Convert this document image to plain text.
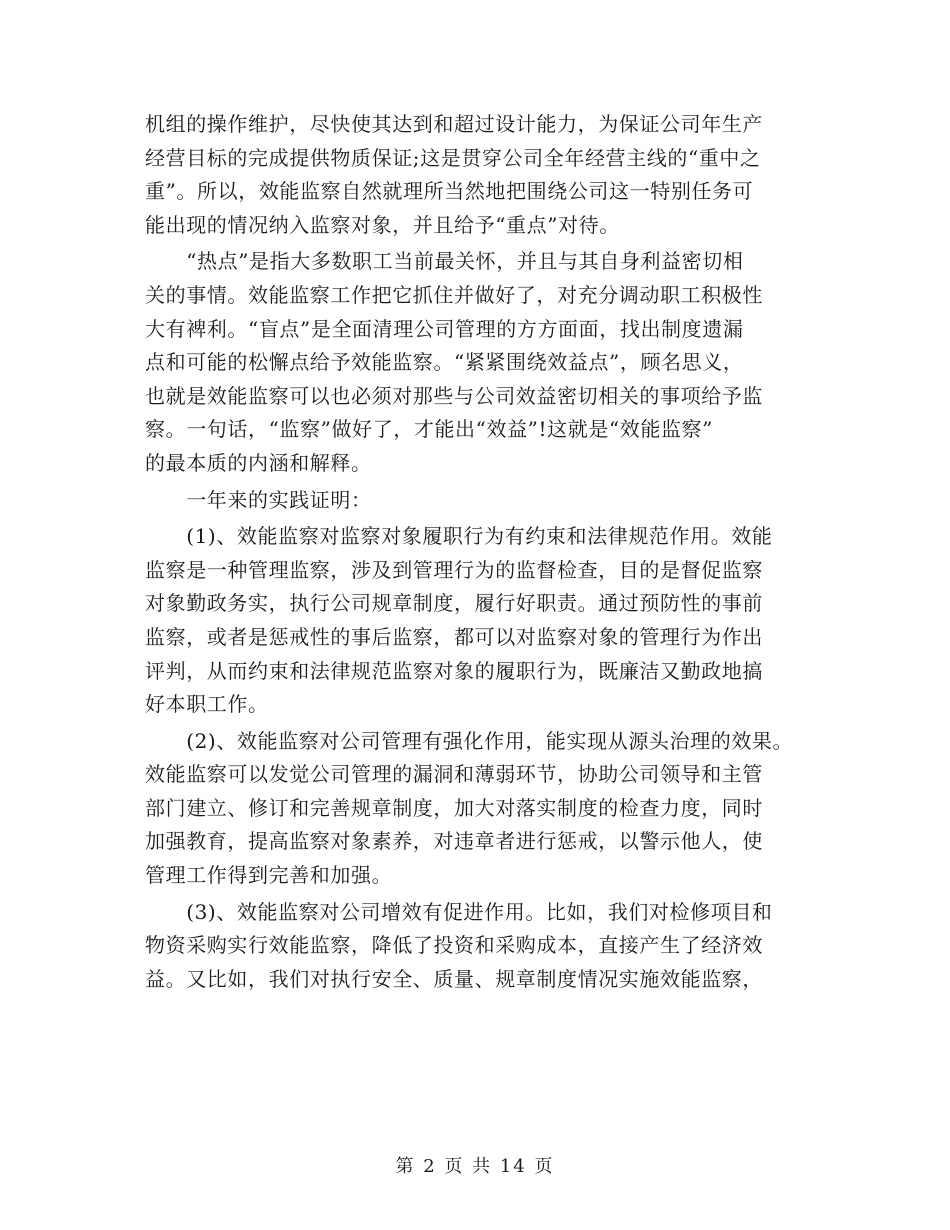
机组的操作维护，尽快使其达到和超过设计能力，为保证公司年生产
经营目标的完成提供物质保证;这是贯穿公司全年经营主线的“重中之
重”。所以，效能监察自然就理所当然地把围绕公司这一特别任务可
能出现的情况纳入监察对象，并且给予“重点”对待。
　　“热点”是指大多数职工当前最关怀，并且与其自身利益密切相
关的事情。效能监察工作把它抓住并做好了，对充分调动职工积极性
大有裨利。“盲点”是全面清理公司管理的方方面面，找出制度遗漏
点和可能的松懈点给予效能监察。“紧紧围绕效益点”，顾名思义，
也就是效能监察可以也必须对那些与公司效益密切相关的事项给予监
察。一句话，“监察”做好了，才能出“效益”!这就是“效能监察”
的最本质的内涵和解释。
　　一年来的实践证明：
　　(1)、效能监察对监察对象履职行为有约束和法律规范作用。效能
监察是一种管理监察，涉及到管理行为的监督检查，目的是督促监察
对象勤政务实，执行公司规章制度，履行好职责。通过预防性的事前
监察，或者是惩戒性的事后监察，都可以对监察对象的管理行为作出
评判，从而约束和法律规范监察对象的履职行为，既廉洁又勤政地搞
好本职工作。
　　(2)、效能监察对公司管理有强化作用，能实现从源头治理的效果。
效能监察可以发觉公司管理的漏洞和薄弱环节，协助公司领导和主管
部门建立、修订和完善规章制度，加大对落实制度的检查力度，同时
加强教育，提高监察对象素养，对违章者进行惩戒，以警示他人，使
管理工作得到完善和加强。
　　(3)、效能监察对公司增效有促进作用。比如，我们对检修项目和
物资采购实行效能监察，降低了投资和采购成本，直接产生了经济效
益。又比如，我们对执行安全、质量、规章制度情况实施效能监察，
第 2 页 共 14 页
